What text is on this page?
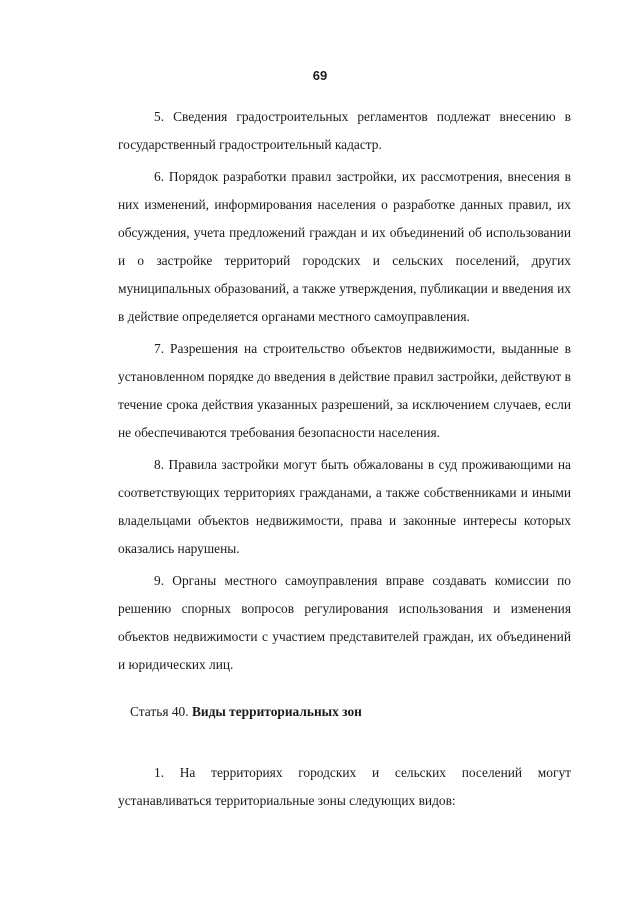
69

5. Сведения градостроительных регламентов подлежат внесению в государственный градостроительный кадастр.

6. Порядок разработки правил застройки, их рассмотрения, внесения в них изменений, информирования населения о разработке данных правил, их обсуждения, учета предложений граждан и их объединений об использовании и о застройке территорий городских и сельских поселений, других муниципальных образований, а также утверждения, публикации и введения их в действие определяется органами местного самоуправления.

7. Разрешения на строительство объектов недвижимости, выданные в установленном порядке до введения в действие правил застройки, действуют в течение срока действия указанных разрешений, за исключением случаев, если не обеспечиваются требования безопасности населения.

8. Правила застройки могут быть обжалованы в суд проживающими на соответствующих территориях гражданами, а также собственниками и иными владельцами объектов недвижимости, права и законные интересы которых оказались нарушены.

9. Органы местного самоуправления вправе создавать комиссии по решению спорных вопросов регулирования использования и изменения объектов недвижимости с участием представителей граждан, их объединений и юридических лиц.

Статья 40. Виды территориальных зон

1. На территориях городских и сельских поселений могут устанавливаться территориальные зоны следующих видов:
